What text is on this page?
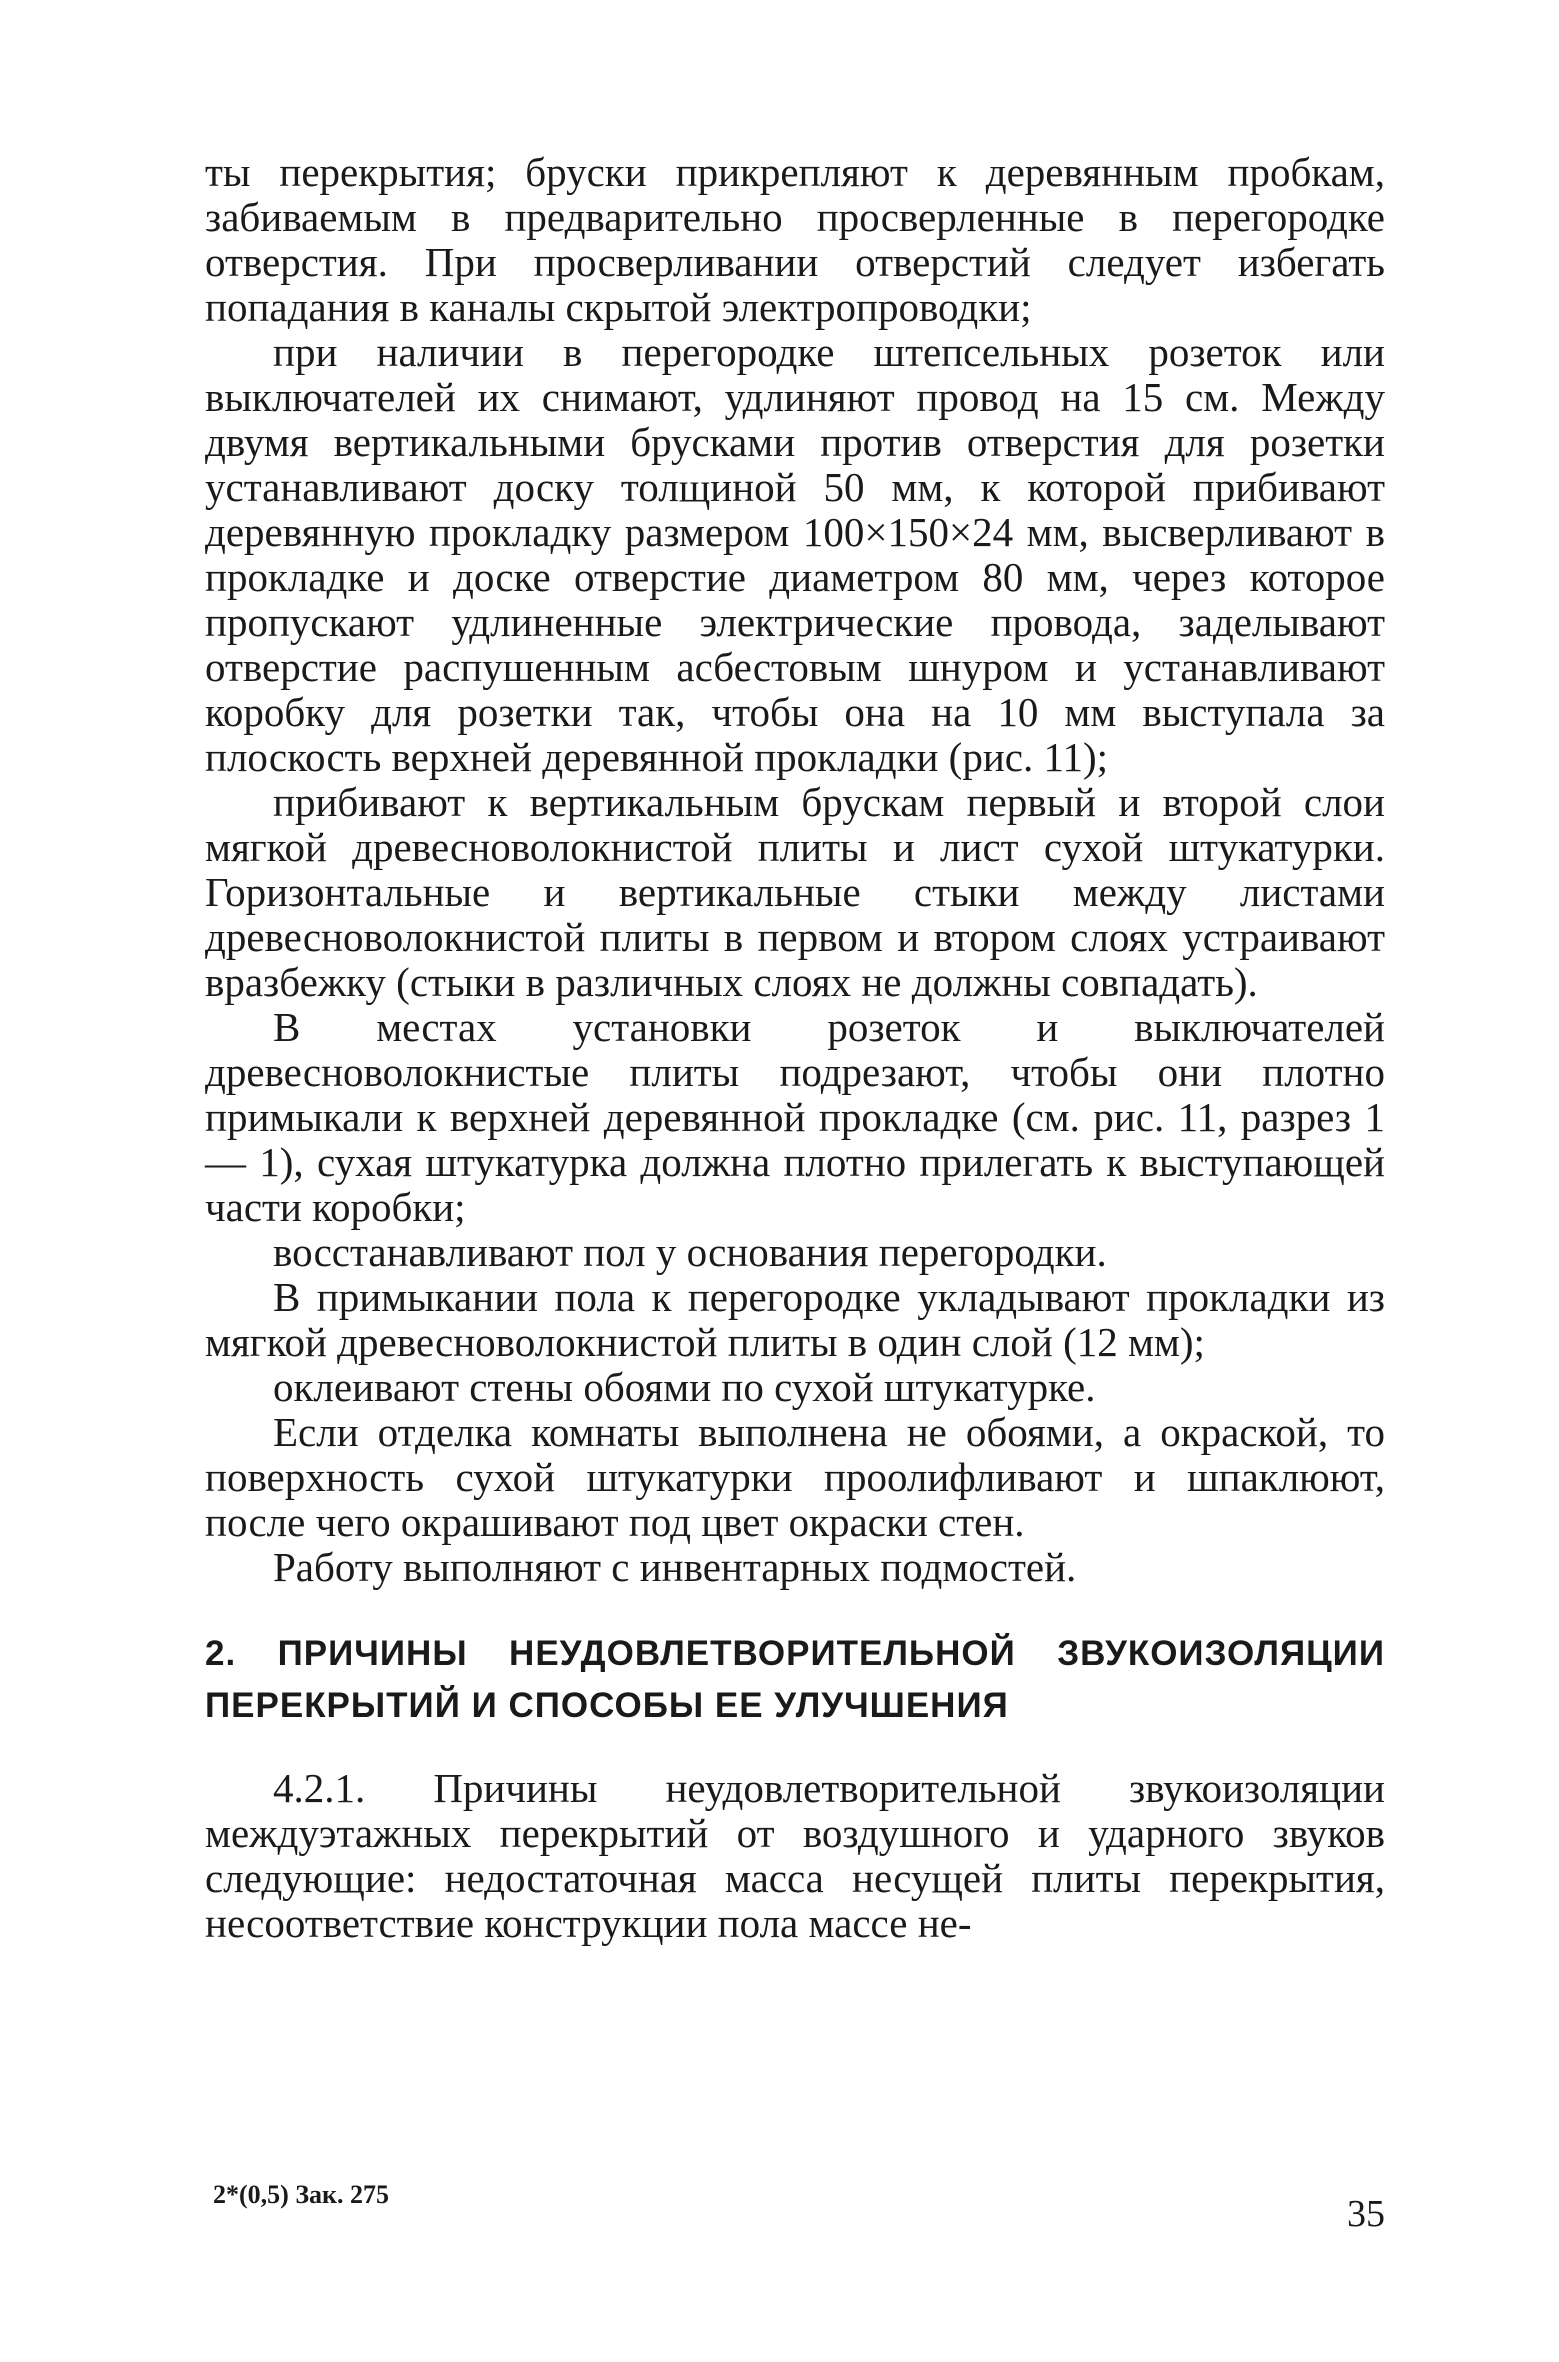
ты перекрытия; бруски прикрепляют к деревянным пробкам, забиваемым в предварительно просверленные в перегородке отверстия. При просверливании отверстий следует избегать попадания в каналы скрытой электропроводки;

при наличии в перегородке штепсельных розеток или выключателей их снимают, удлиняют провод на 15 см. Между двумя вертикальными брусками против отверстия для розетки устанавливают доску толщиной 50 мм, к которой прибивают деревянную прокладку размером 100×150×24 мм, высверливают в прокладке и доске отверстие диаметром 80 мм, через которое пропускают удлиненные электрические провода, заделывают отверстие распушенным асбестовым шнуром и устанавливают коробку для розетки так, чтобы она на 10 мм выступала за плоскость верхней деревянной прокладки (рис. 11);

прибивают к вертикальным брускам первый и второй слои мягкой древесноволокнистой плиты и лист сухой штукатурки. Горизонтальные и вертикальные стыки между листами древесноволокнистой плиты в первом и втором слоях устраивают вразбежку (стыки в различных слоях не должны совпадать).

В местах установки розеток и выключателей древесноволокнистые плиты подрезают, чтобы они плотно примыкали к верхней деревянной прокладке (см. рис. 11, разрез 1 — 1), сухая штукатурка должна плотно прилегать к выступающей части коробки;

восстанавливают пол у основания перегородки.

В примыкании пола к перегородке укладывают прокладки из мягкой древесноволокнистой плиты в один слой (12 мм);

оклеивают стены обоями по сухой штукатурке.

Если отделка комнаты выполнена не обоями, а окраской, то поверхность сухой штукатурки проолифливают и шпаклюют, после чего окрашивают под цвет окраски стен.

Работу выполняют с инвентарных подмостей.

2. ПРИЧИНЫ НЕУДОВЛЕТВОРИТЕЛЬНОЙ ЗВУКОИЗОЛЯЦИИ
ПЕРЕКРЫТИЙ И СПОСОБЫ ЕЕ УЛУЧШЕНИЯ

4.2.1. Причины неудовлетворительной звукоизоляции междуэтажных перекрытий от воздушного и ударного звуков следующие: недостаточная масса несущей плиты перекрытия, несоответствие конструкции пола массе не-

2*(0,5) Зак. 275	35
